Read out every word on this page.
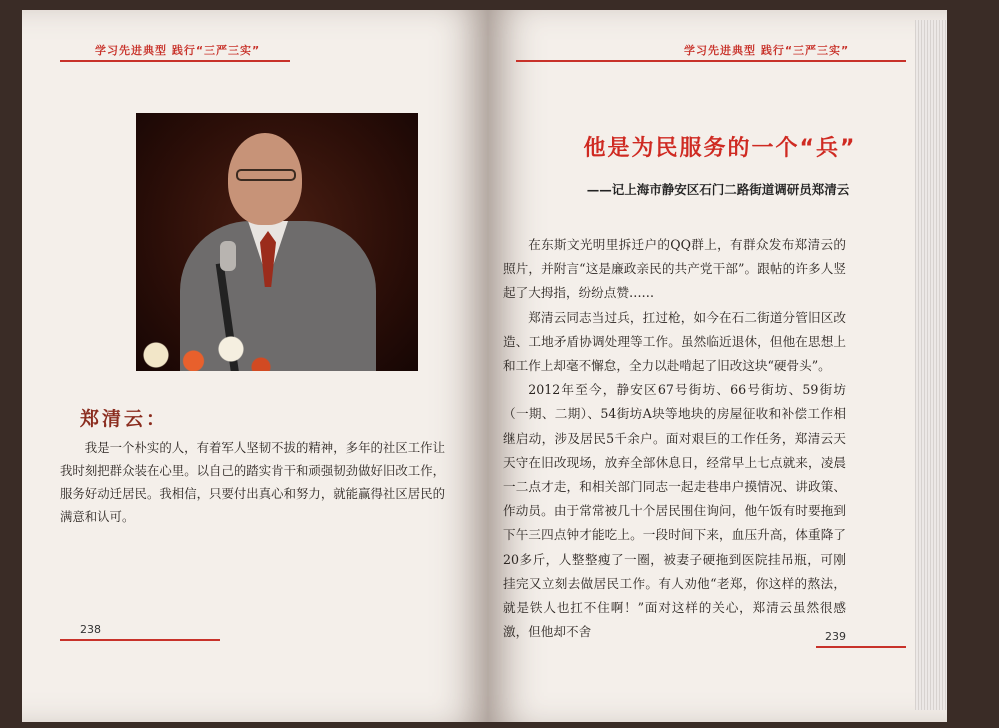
学习先进典型 践行“三严三实”
郑清云：

我是一个朴实的人，有着军人坚韧不拔的精神，多年的社区工作让我时刻把群众装在心里。以自己的踏实肯干和顽强韧劲做好旧改工作，服务好动迁居民。我相信，只要付出真心和努力，就能赢得社区居民的满意和认可。

238
学习先进典型 践行“三严三实”
他是为民服务的一个“兵”
——记上海市静安区石门二路街道调研员郑清云

在东斯文光明里拆迁户的QQ群上，有群众发布郑清云的照片，并附言“这是廉政亲民的共产党干部”。跟帖的许多人竖起了大拇指，纷纷点赞……

郑清云同志当过兵，扛过枪，如今在石二街道分管旧区改造、工地矛盾协调处理等工作。虽然临近退休，但他在思想上和工作上却毫不懈怠，全力以赴啃起了旧改这块“硬骨头”。

2012年至今，静安区67号街坊、66号街坊、59街坊（一期、二期）、54街坊A块等地块的房屋征收和补偿工作相继启动，涉及居民5千余户。面对艰巨的工作任务，郑清云天天守在旧改现场，放弃全部休息日，经常早上七点就来，凌晨一二点才走，和相关部门同志一起走巷串户摸情况、讲政策、作动员。由于常常被几十个居民围住询问，他午饭有时要拖到下午三四点钟才能吃上。一段时间下来，血压升高，体重降了20多斤，人整整瘦了一圈，被妻子硬拖到医院挂吊瓶，可刚挂完又立刻去做居民工作。有人劝他“老郑，你这样的熬法，就是铁人也扛不住啊！”面对这样的关心，郑清云虽然很感激，但他却不舍	239
